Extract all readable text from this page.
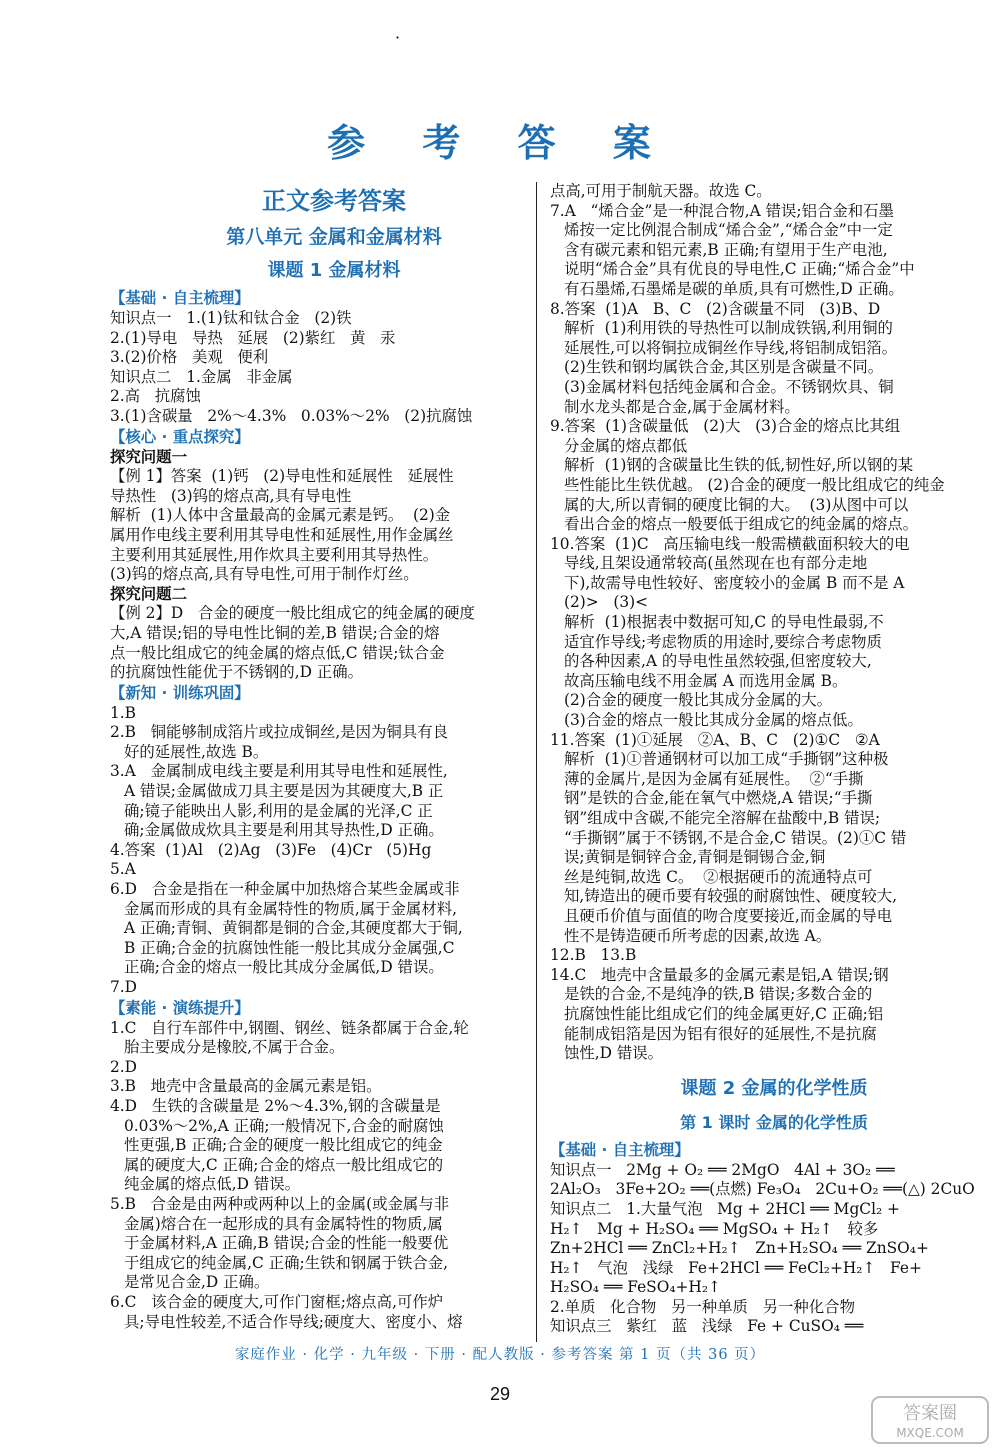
·
参 考 答 案
正文参考答案
第八单元 金属和金属材料
课题 1 金属材料
【基础 · 自主梳理】
知识点一   1.(1)钛和钛合金   (2)铁
2.(1)导电   导热   延展   (2)紫红   黄   汞
3.(2)价格   美观   便利
知识点二   1.金属   非金属
2.高   抗腐蚀
3.(1)含碳量   2%～4.3%   0.03%～2%   (2)抗腐蚀
【核心 · 重点探究】
探究问题一
【例 1】答案  (1)钙   (2)导电性和延展性   延展性
导热性   (3)钨的熔点高,具有导电性
解析  (1)人体中含量最高的金属元素是钙。  (2)金
属用作电线主要利用其导电性和延展性,用作金属丝
主要利用其延展性,用作炊具主要利用其导热性。
(3)钨的熔点高,具有导电性,可用于制作灯丝。
探究问题二
【例 2】D   合金的硬度一般比组成它的纯金属的硬度
大,A 错误;铝的导电性比铜的差,B 错误;合金的熔
点一般比组成它的纯金属的熔点低,C 错误;钛合金
的抗腐蚀性能优于不锈钢的,D 正确。
【新知 · 训练巩固】
1.B
2.B   铜能够制成箔片或拉成铜丝,是因为铜具有良
好的延展性,故选 B。
3.A   金属制成电线主要是利用其导电性和延展性,
A 错误;金属做成刀具主要是因为其硬度大,B 正
确;镜子能映出人影,利用的是金属的光泽,C 正
确;金属做成炊具主要是利用其导热性,D 正确。
4.答案  (1)Al   (2)Ag   (3)Fe   (4)Cr   (5)Hg
5.A
6.D   合金是指在一种金属中加热熔合某些金属或非
金属而形成的具有金属特性的物质,属于金属材料,
A 正确;青铜、黄铜都是铜的合金,其硬度都大于铜,
B 正确;合金的抗腐蚀性能一般比其成分金属强,C
正确;合金的熔点一般比其成分金属低,D 错误。
7.D
【素能 · 演练提升】
1.C   自行车部件中,钢圈、钢丝、链条都属于合金,轮
胎主要成分是橡胶,不属于合金。
2.D
3.B   地壳中含量最高的金属元素是铝。
4.D   生铁的含碳量是 2%～4.3%,钢的含碳量是
0.03%～2%,A 正确;一般情况下,合金的耐腐蚀
性更强,B 正确;合金的硬度一般比组成它的纯金
属的硬度大,C 正确;合金的熔点一般比组成它的
纯金属的熔点低,D 错误。
5.B   合金是由两种或两种以上的金属(或金属与非
金属)熔合在一起形成的具有金属特性的物质,属
于金属材料,A 正确,B 错误;合金的性能一般要优
于组成它的纯金属,C 正确;生铁和钢属于铁合金,
是常见合金,D 正确。
6.C   该合金的硬度大,可作门窗框;熔点高,可作炉
具;导电性较差,不适合作导线;硬度大、密度小、熔
点高,可用于制航天器。故选 C。
7.A   “烯合金”是一种混合物,A 错误;铝合金和石墨
烯按一定比例混合制成“烯合金”,“烯合金”中一定
含有碳元素和铝元素,B 正确;有望用于生产电池,
说明“烯合金”具有优良的导电性,C 正确;“烯合金”中
有石墨烯,石墨烯是碳的单质,具有可燃性,D 正确。
8.答案  (1)A   B、C   (2)含碳量不同   (3)B、D
解析  (1)利用铁的导热性可以制成铁锅,利用铜的
延展性,可以将铜拉成铜丝作导线,将铝制成铝箔。
(2)生铁和钢均属铁合金,其区别是含碳量不同。
(3)金属材料包括纯金属和合金。不锈钢炊具、铜
制水龙头都是合金,属于金属材料。
9.答案  (1)含碳量低   (2)大   (3)合金的熔点比其组
分金属的熔点都低
解析  (1)钢的含碳量比生铁的低,韧性好,所以钢的某
些性能比生铁优越。 (2)合金的硬度一般比组成它的纯金
属的大,所以青铜的硬度比铜的大。  (3)从图中可以
看出合金的熔点一般要低于组成它的纯金属的熔点。
10.答案  (1)C   高压输电线一般需横截面积较大的电
导线,且架设通常较高(虽然现在也有部分走地
下),故需导电性较好、密度较小的金属 B 而不是 A
(2)>   (3)<
解析  (1)根据表中数据可知,C 的导电性最弱,不
适宜作导线;考虑物质的用途时,要综合考虑物质
的各种因素,A 的导电性虽然较强,但密度较大,
故高压输电线不用金属 A 而选用金属 B。
(2)合金的硬度一般比其成分金属的大。
(3)合金的熔点一般比其成分金属的熔点低。
11.答案  (1)①延展   ②A、B、C   (2)①C   ②A
解析  (1)①普通钢材可以加工成“手撕钢”这种极
薄的金属片,是因为金属有延展性。  ②“手撕
钢”是铁的合金,能在氧气中燃烧,A 错误;“手撕
钢”组成中含碳,不能完全溶解在盐酸中,B 错误;
“手撕钢”属于不锈钢,不是合金,C 错误。(2)①C 错
误;黄铜是铜锌合金,青铜是铜锡合金,铜
丝是纯铜,故选 C。  ②根据硬币的流通特点可
知,铸造出的硬币要有较强的耐腐蚀性、硬度较大,
且硬币价值与面值的吻合度要接近,而金属的导电
性不是铸造硬币所考虑的因素,故选 A。
12.B   13.B
14.C   地壳中含量最多的金属元素是铝,A 错误;钢
是铁的合金,不是纯净的铁,B 错误;多数合金的
抗腐蚀性能比组成它们的纯金属更好,C 正确;铝
能制成铝箔是因为铝有很好的延展性,不是抗腐
蚀性,D 错误。
课题 2 金属的化学性质
第 1 课时 金属的化学性质
【基础 · 自主梳理】
知识点一   2Mg + O₂ ══ 2MgO   4Al + 3O₂ ══
2Al₂O₃   3Fe+2O₂ ══(点燃) Fe₃O₄   2Cu+O₂ ══(△) 2CuO
知识点二   1.大量气泡   Mg + 2HCl ══ MgCl₂ +
H₂↑   Mg + H₂SO₄ ══ MgSO₄ + H₂↑   较多
Zn+2HCl ══ ZnCl₂+H₂↑   Zn+H₂SO₄ ══ ZnSO₄+
H₂↑   气泡   浅绿   Fe+2HCl ══ FeCl₂+H₂↑   Fe+
H₂SO₄ ══ FeSO₄+H₂↑
2.单质   化合物   另一种单质   另一种化合物
知识点三   紫红   蓝   浅绿   Fe + CuSO₄ ══
家庭作业 · 化学 · 九年级 · 下册 · 配人教版 · 参考答案 第 1 页（共 36 页）
29
答案圈
MXQE.COM
